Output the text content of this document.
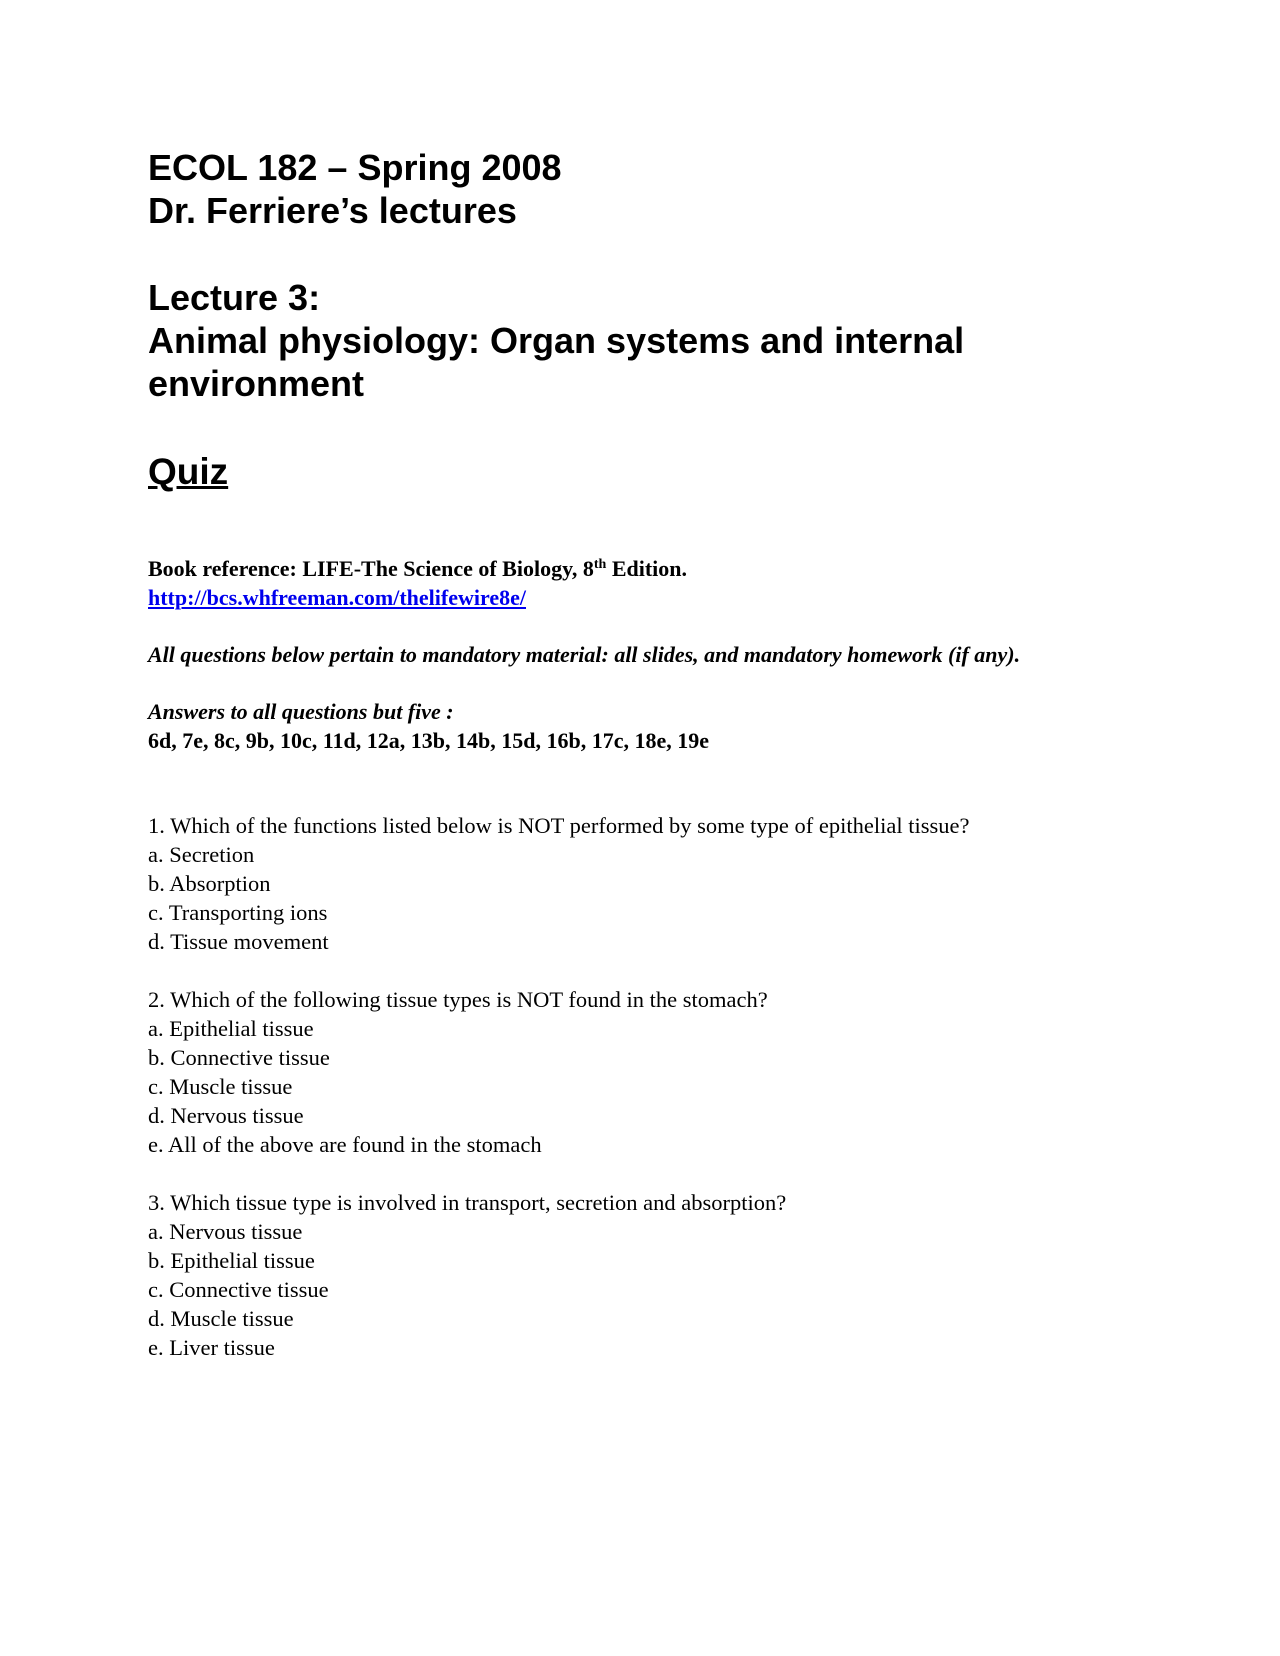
ECOL 182 – Spring 2008

Dr. Ferriere’s lectures

Lecture 3:

Animal physiology: Organ systems and internal

environment

Quiz

Book reference: LIFE-The Science of Biology, 8th Edition.
http://bcs.whfreeman.com/thelifewire8e/
All questions below pertain to mandatory material: all slides, and mandatory homework (if any).
Answers to all questions but five :
6d, 7e, 8c, 9b, 10c, 11d, 12a, 13b, 14b, 15d, 16b, 17c, 18e, 19e

1. Which of the functions listed below is NOT performed by some type of epithelial tissue?

a. Secretion

b. Absorption

c. Transporting ions

d. Tissue movement

2. Which of the following tissue types is NOT found in the stomach?

a. Epithelial tissue

b. Connective tissue

c. Muscle tissue

d. Nervous tissue

e. All of the above are found in the stomach

3. Which tissue type is involved in transport, secretion and absorption?

a. Nervous tissue

b. Epithelial tissue

c. Connective tissue

d. Muscle tissue

e. Liver tissue
